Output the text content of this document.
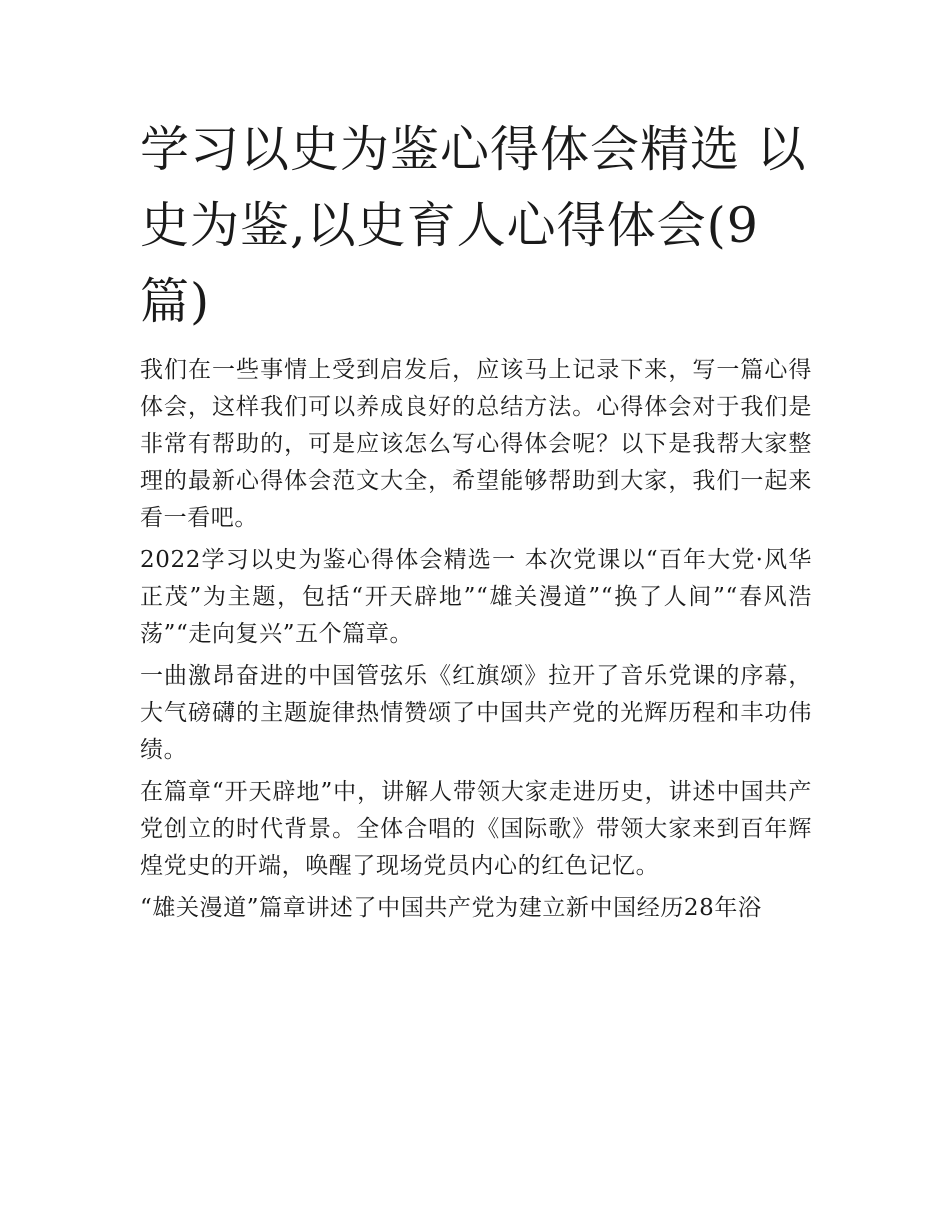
学习以史为鉴心得体会精选 以史为鉴,以史育人心得体会(9篇)

我们在一些事情上受到启发后，应该马上记录下来，写一篇心得体会，这样我们可以养成良好的总结方法。心得体会对于我们是非常有帮助的，可是应该怎么写心得体会呢？以下是我帮大家整理的最新心得体会范文大全，希望能够帮助到大家，我们一起来看一看吧。

2022学习以史为鉴心得体会精选一 本次党课以“百年大党·风华正茂”为主题，包括“开天辟地”“雄关漫道”“换了人间”“春风浩荡”“走向复兴”五个篇章。

一曲激昂奋进的中国管弦乐《红旗颂》拉开了音乐党课的序幕，大气磅礴的主题旋律热情赞颂了中国共产党的光辉历程和丰功伟绩。

在篇章“开天辟地”中，讲解人带领大家走进历史，讲述中国共产党创立的时代背景。全体合唱的《国际歌》带领大家来到百年辉煌党史的开端，唤醒了现场党员内心的红色记忆。

“雄关漫道”篇章讲述了中国共产党为建立新中国经历28年浴
